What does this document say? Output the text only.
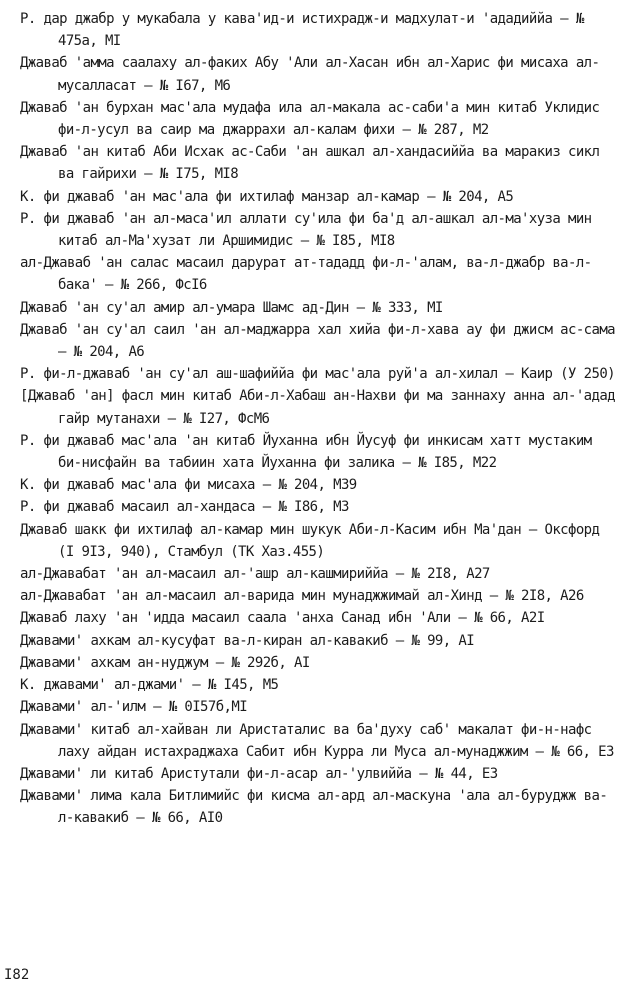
Р. дар джабр у мукабала у кава'ид-и истихрадж-и мадхулат-и 'ададиййа – № 475а, МI

Джаваб 'амма саалаху ал-факих Абу 'Али ал-Хасан ибн ал-Харис фи мисаха ал-мусалласат – № I67, М6

Джаваб 'ан бурхан мас'ала мудафа ила ал-макала ас-саби'а мин китаб Уклидис фи-л-усул ва саир ма джаррахи ал-калам фихи – № 287, М2

Джаваб 'ан китаб Аби Исхак ас-Саби 'ан ашкал ал-хандасиййа ва маракиз сикл ва гайрихи – № I75, МI8

К. фи джаваб 'ан мас'ала фи ихтилаф манзар ал-камар – № 204, А5

Р. фи джаваб 'ан ал-маса'ил аллати су'ила фи ба'д ал-ашкал ал-ма'хуза мин китаб ал-Ма'хузат ли Аршимидис – № I85, МI8

ал-Джаваб 'ан салас масаил дарурат ат-тададд фи-л-'алам, ва-л-джабр ва-л-бака' – № 266, ФсI6

Джаваб 'ан су'ал амир ал-умара Шамс ад-Дин – № 333, МI

Джаваб 'ан су'ал саил 'ан ал-маджарра хал хийа фи-л-хава ау фи джисм ас-сама – № 204, А6

Р. фи-л-джаваб 'ан су'ал аш-шафиййа фи мас'ала руй'а ал-хилал – Каир (У 250)

[Джаваб 'ан] фасл мин китаб Аби-л-Хабаш ан-Нахви фи ма заннаху анна ал-'адад гайр мутанахи – № I27, ФсМ6

Р. фи джаваб мас'ала 'ан китаб Йуханна ибн Йусуф фи инкисам хатт мустаким би-нисфайн ва табиин хата Йуханна фи залика – № I85, М22

К. фи джаваб мас'ала фи мисаха – № 204, М39

Р. фи джаваб масаил ал-хандаса – № I86, М3

Джаваб шакк фи ихтилаф ал-камар мин шукук Аби-л-Касим ибн Ма'дан – Оксфорд (I 9I3, 940), Стамбул (ТК Хаз.455)

ал-Джавабат 'ан ал-масаил ал-'ашр ал-кашмириййа – № 2I8, А27

ал-Джавабат 'ан ал-масаил ал-варида мин мунаджжимай ал-Хинд – № 2I8, А26

Джаваб лаху 'ан 'идда масаил саала 'анха Санад ибн 'Али – № 66, А2I

Джавами' ахкам ал-кусуфат ва-л-киран ал-кавакиб – № 99, АI

Джавами' ахкам ан-нуджум – № 292б, АI

К. джавами' ал-джами' – № I45, М5

Джавами' ал-'илм – № 0I57б,МI

Джавами' китаб ал-хайван ли Аристаталис ва ба'духу саб' макалат фи-н-нафс лаху айдан истахраджаха Сабит ибн Курра ли Муса ал-мунаджжим – № 66, Е3

Джавами' ли китаб Аристутали фи-л-асар ал-'улвиййа – № 44, Е3

Джавами' лима кала Битлимийс фи кисма ал-ард ал-маскуна 'ала ал-буруджж ва-л-кавакиб – № 66, АI0

I82
